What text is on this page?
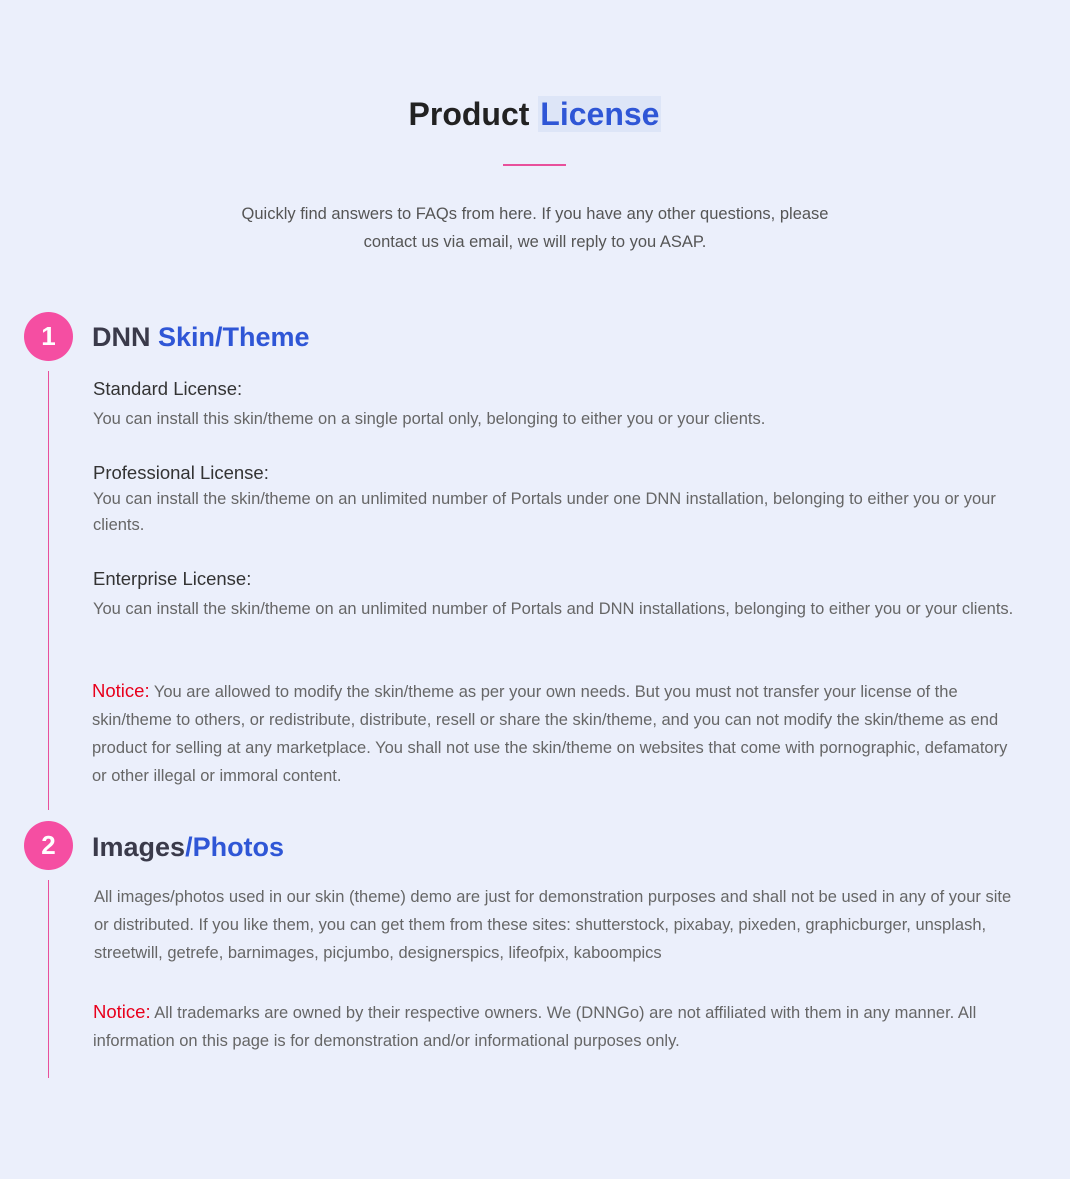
Product License

Quickly find answers to FAQs from here. If you have any other questions, please
contact us via email, we will reply to you ASAP.

1	DNN Skin/Theme
Standard License:

You can install this skin/theme on a single portal only, belonging to either you or your clients.

Professional License:

You can install the skin/theme on an unlimited number of Portals under one DNN installation, belonging to either you or your clients.

Enterprise License:

You can install the skin/theme on an unlimited number of Portals and DNN installations, belonging to either you or your clients.

Notice: You are allowed to modify the skin/theme as per your own needs. But you must not transfer your license of the skin/theme to others, or redistribute, distribute, resell or share the skin/theme, and you can not modify the skin/theme as end product for selling at any marketplace. You shall not use the skin/theme on websites that come with pornographic, defamatory or other illegal or immoral content.

2	Images/Photos

All images/photos used in our skin (theme) demo are just for demonstration purposes and shall not be used in any of your site or distributed. If you like them, you can get them from these sites: shutterstock, pixabay, pixeden, graphicburger, unsplash, streetwill, getrefe, barnimages, picjumbo, designerspics, lifeofpix, kaboompics

Notice: All trademarks are owned by their respective owners. We (DNNGo) are not affiliated with them in any manner. All information on this page is for demonstration and/or informational purposes only.
